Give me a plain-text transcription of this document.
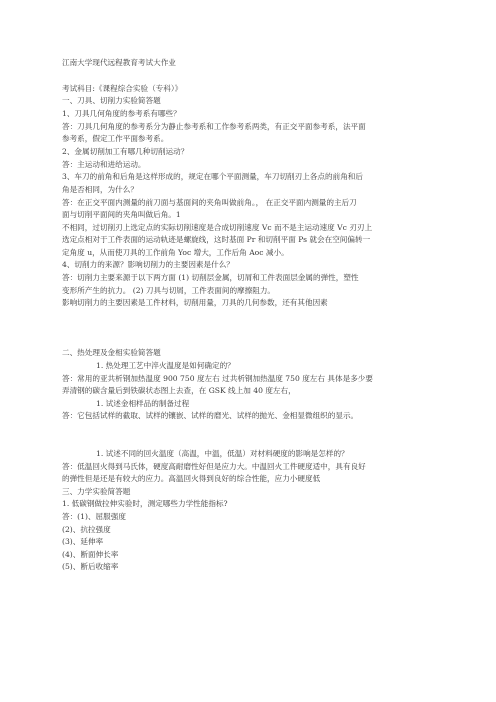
江南大学现代远程教育考试大作业
考试科目:《课程综合实验（专科）》
一、刀具、切削力实验简答题
1、刀具几何角度的参考系有哪些？
答：刀具几何角度的参考系分为静止参考系和工作参考系两类，有正交平面参考系，法平面
参考系，假定工作平面参考系。
2、金属切削加工有哪几种切削运动？
答：主运动和进给运动。
3、车刀的前角和后角是这样形成的，规定在哪个平面测量，车刀切削刃上各点的前角和后
角是否相同，为什么？
答：在正交平面内测量的前刀面与基面间的夹角叫做前角。， 在正交平面内测量的主后刀
面与切削平面间的夹角叫做后角。1
不相同，过切削刃上选定点的实际切削速度是合成切削速度 Vc 而不是主运动速度 Vc 刃刃上
选定点相对于工件表面的运动轨迹是螺旋线，这时基面 Pr 和切削平面 Ps 就会在空间偏转一
定角度 u，从而使刀具的工作前角 Yoc 增大，工作后角 Aoc 减小。
4、切削力的来源？影响切削力的主要因素是什么？
答：切削力主要来源于以下两方面 (1) 切削层金属，切屑和工件表面层金属的弹性，塑性
变形所产生的抗力。 (2) 刀具与切屑，工件表面间的摩擦阻力。
影响切削力的主要因素是工件材料，切削用量，刀具的几何参数，还有其他因素
二、热处理及金相实验简答题
1. 热处理工艺中淬火温度是如何确定的？
答：常用的亚共析钢加热温度 900 750 度左右 过共析钢加热温度 750 度左右 具体是多少要
弄清钢的碳含量后到铁碳状态图上去查，在 GSK 线上加 40 度左右，
1. 试述金相样品的制备过程
答：它包括试样的截取、试样的镶嵌、试样的磨光、试样的抛光、金相显微组织的显示。
1. 试述不同的回火温度（高温，中温，低温）对材料硬度的影响是怎样的？
答：低温回火得到马氏体，硬度高耐磨性好但是应力大。中温回火工件硬度适中，具有良好
的弹性但是还是有较大的应力。高温回火得到良好的综合性能，应力小硬度低
三、力学实验简答题
1. 低碳钢做拉伸实验时，测定哪些力学性能指标?
答：(1)、屈服强度
(2)、抗拉强度
(3)、延伸率
(4)、断面伸长率
(5)、断后收缩率
